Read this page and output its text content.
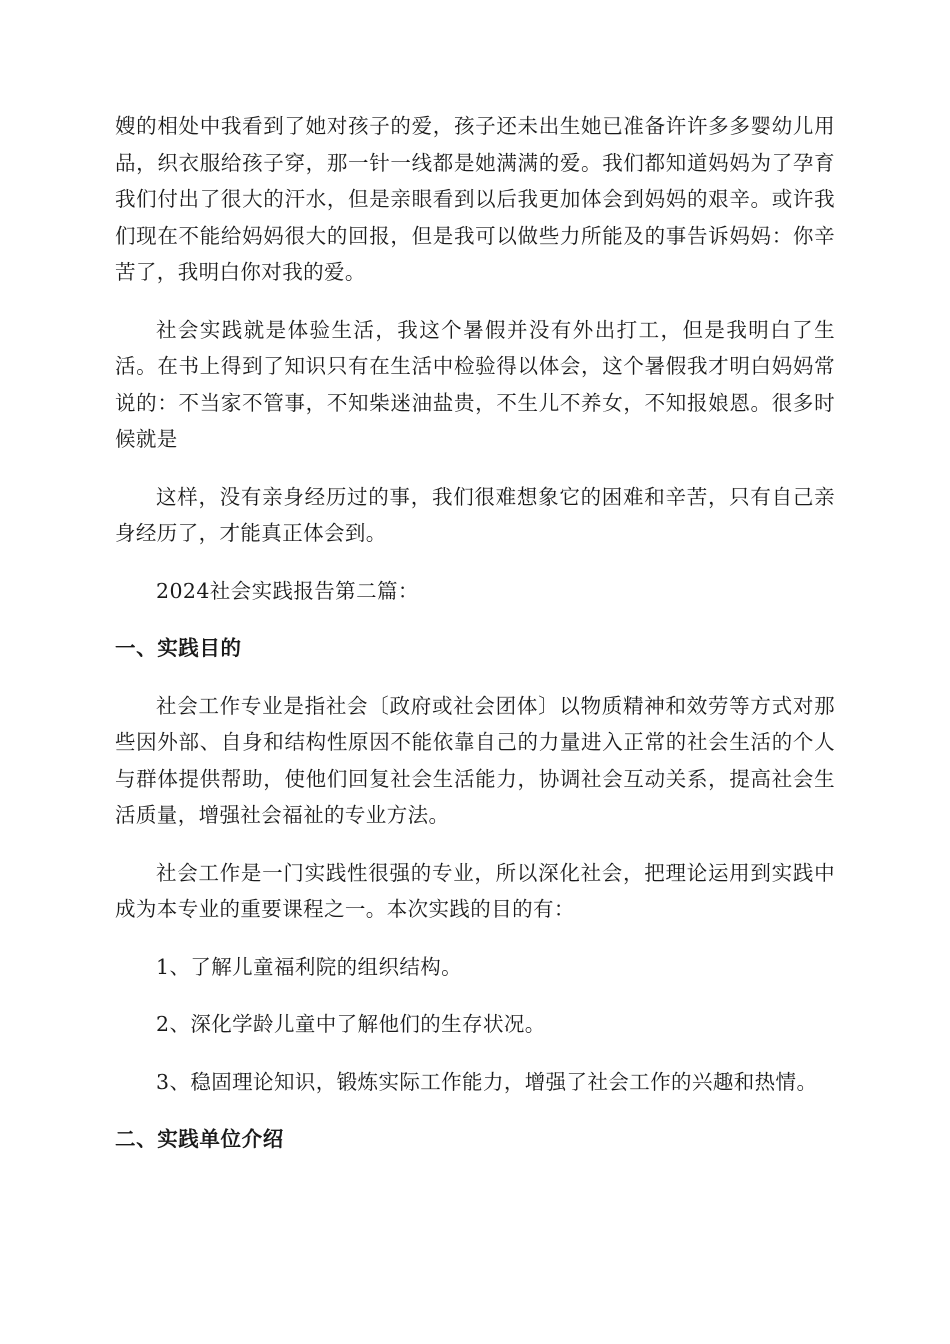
嫂的相处中我看到了她对孩子的爱，孩子还未出生她已准备许许多多婴幼儿用品，织衣服给孩子穿，那一针一线都是她满满的爱。我们都知道妈妈为了孕育我们付出了很大的汗水，但是亲眼看到以后我更加体会到妈妈的艰辛。或许我们现在不能给妈妈很大的回报，但是我可以做些力所能及的事告诉妈妈：你辛苦了，我明白你对我的爱。

社会实践就是体验生活，我这个暑假并没有外出打工，但是我明白了生活。在书上得到了知识只有在生活中检验得以体会，这个暑假我才明白妈妈常说的：不当家不管事，不知柴迷油盐贵，不生儿不养女，不知报娘恩。很多时候就是

这样，没有亲身经历过的事，我们很难想象它的困难和辛苦，只有自己亲身经历了，才能真正体会到。

2024社会实践报告第二篇：

一、实践目的

社会工作专业是指社会〔政府或社会团体〕以物质精神和效劳等方式对那些因外部、自身和结构性原因不能依靠自己的力量进入正常的社会生活的个人与群体提供帮助，使他们回复社会生活能力，协调社会互动关系，提高社会生活质量，增强社会福祉的专业方法。

社会工作是一门实践性很强的专业，所以深化社会，把理论运用到实践中成为本专业的重要课程之一。本次实践的目的有：

1、了解儿童福利院的组织结构。

2、深化学龄儿童中了解他们的生存状况。

3、稳固理论知识，锻炼实际工作能力，增强了社会工作的兴趣和热情。

二、实践单位介绍
